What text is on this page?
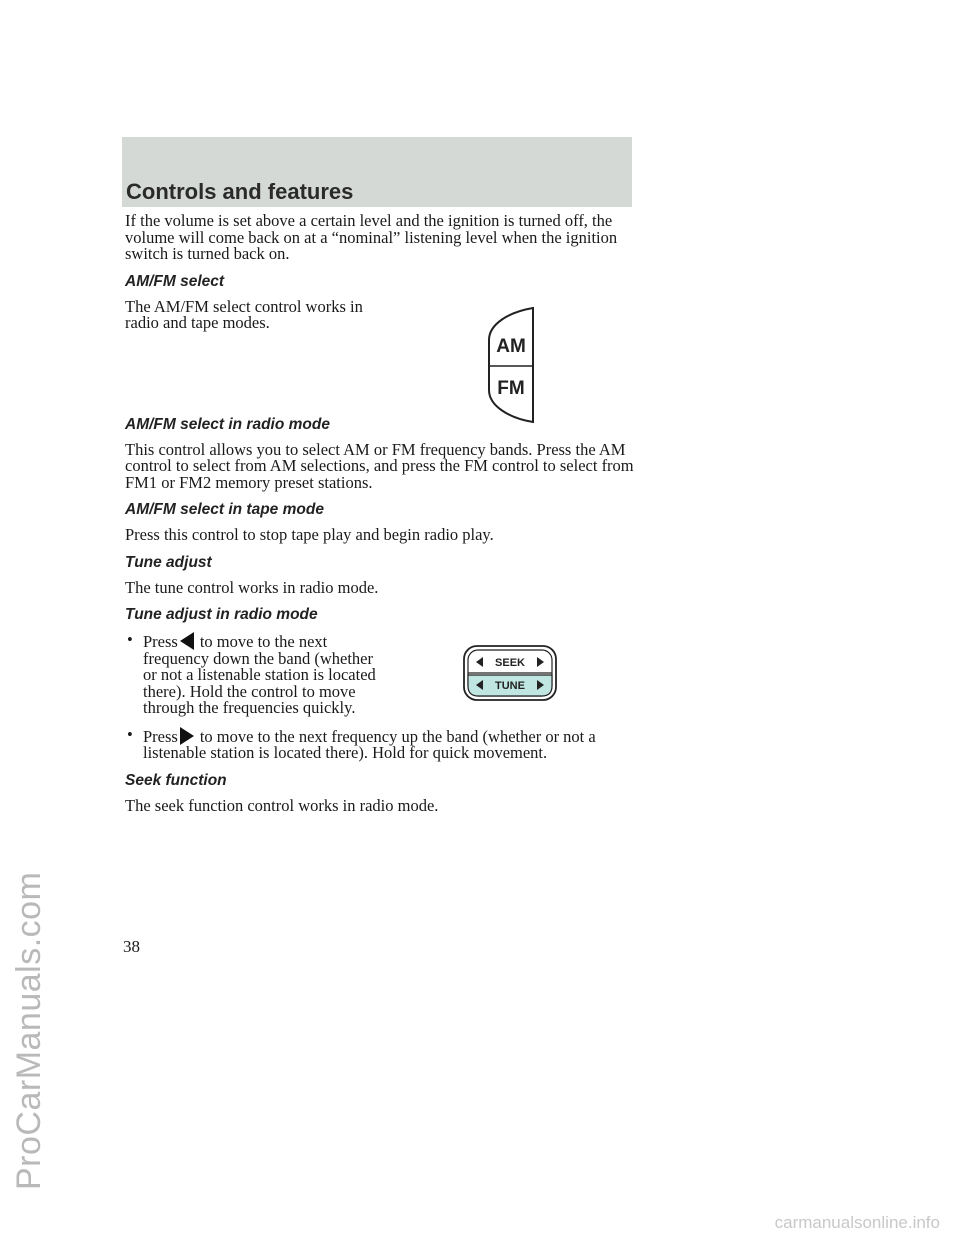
ProCarManuals.com
Controls and features

If the volume is set above a certain level and the ignition is turned off, the volume will come back on at a “nominal” listening level when the ignition switch is turned back on.

AM/FM select

The AM/FM select control works in radio and tape modes.

AM/FM select in radio mode

This control allows you to select AM or FM frequency bands. Press the AM control to select from AM selections, and press the FM control to select from FM1 or FM2 memory preset stations.

AM/FM select in tape mode

Press this control to stop tape play and begin radio play.

Tune adjust

The tune control works in radio mode.

Tune adjust in radio mode
• Press to move to the next frequency down the band (whether or not a listenable station is located there). Hold the control to move through the frequencies quickly.
• Press to move to the next frequency up the band (whether or not a listenable station is located there). Hold for quick movement.
Seek function

The seek function control works in radio mode.

AM
FM
SEEK
TUNE
38
carmanualsonline.info
